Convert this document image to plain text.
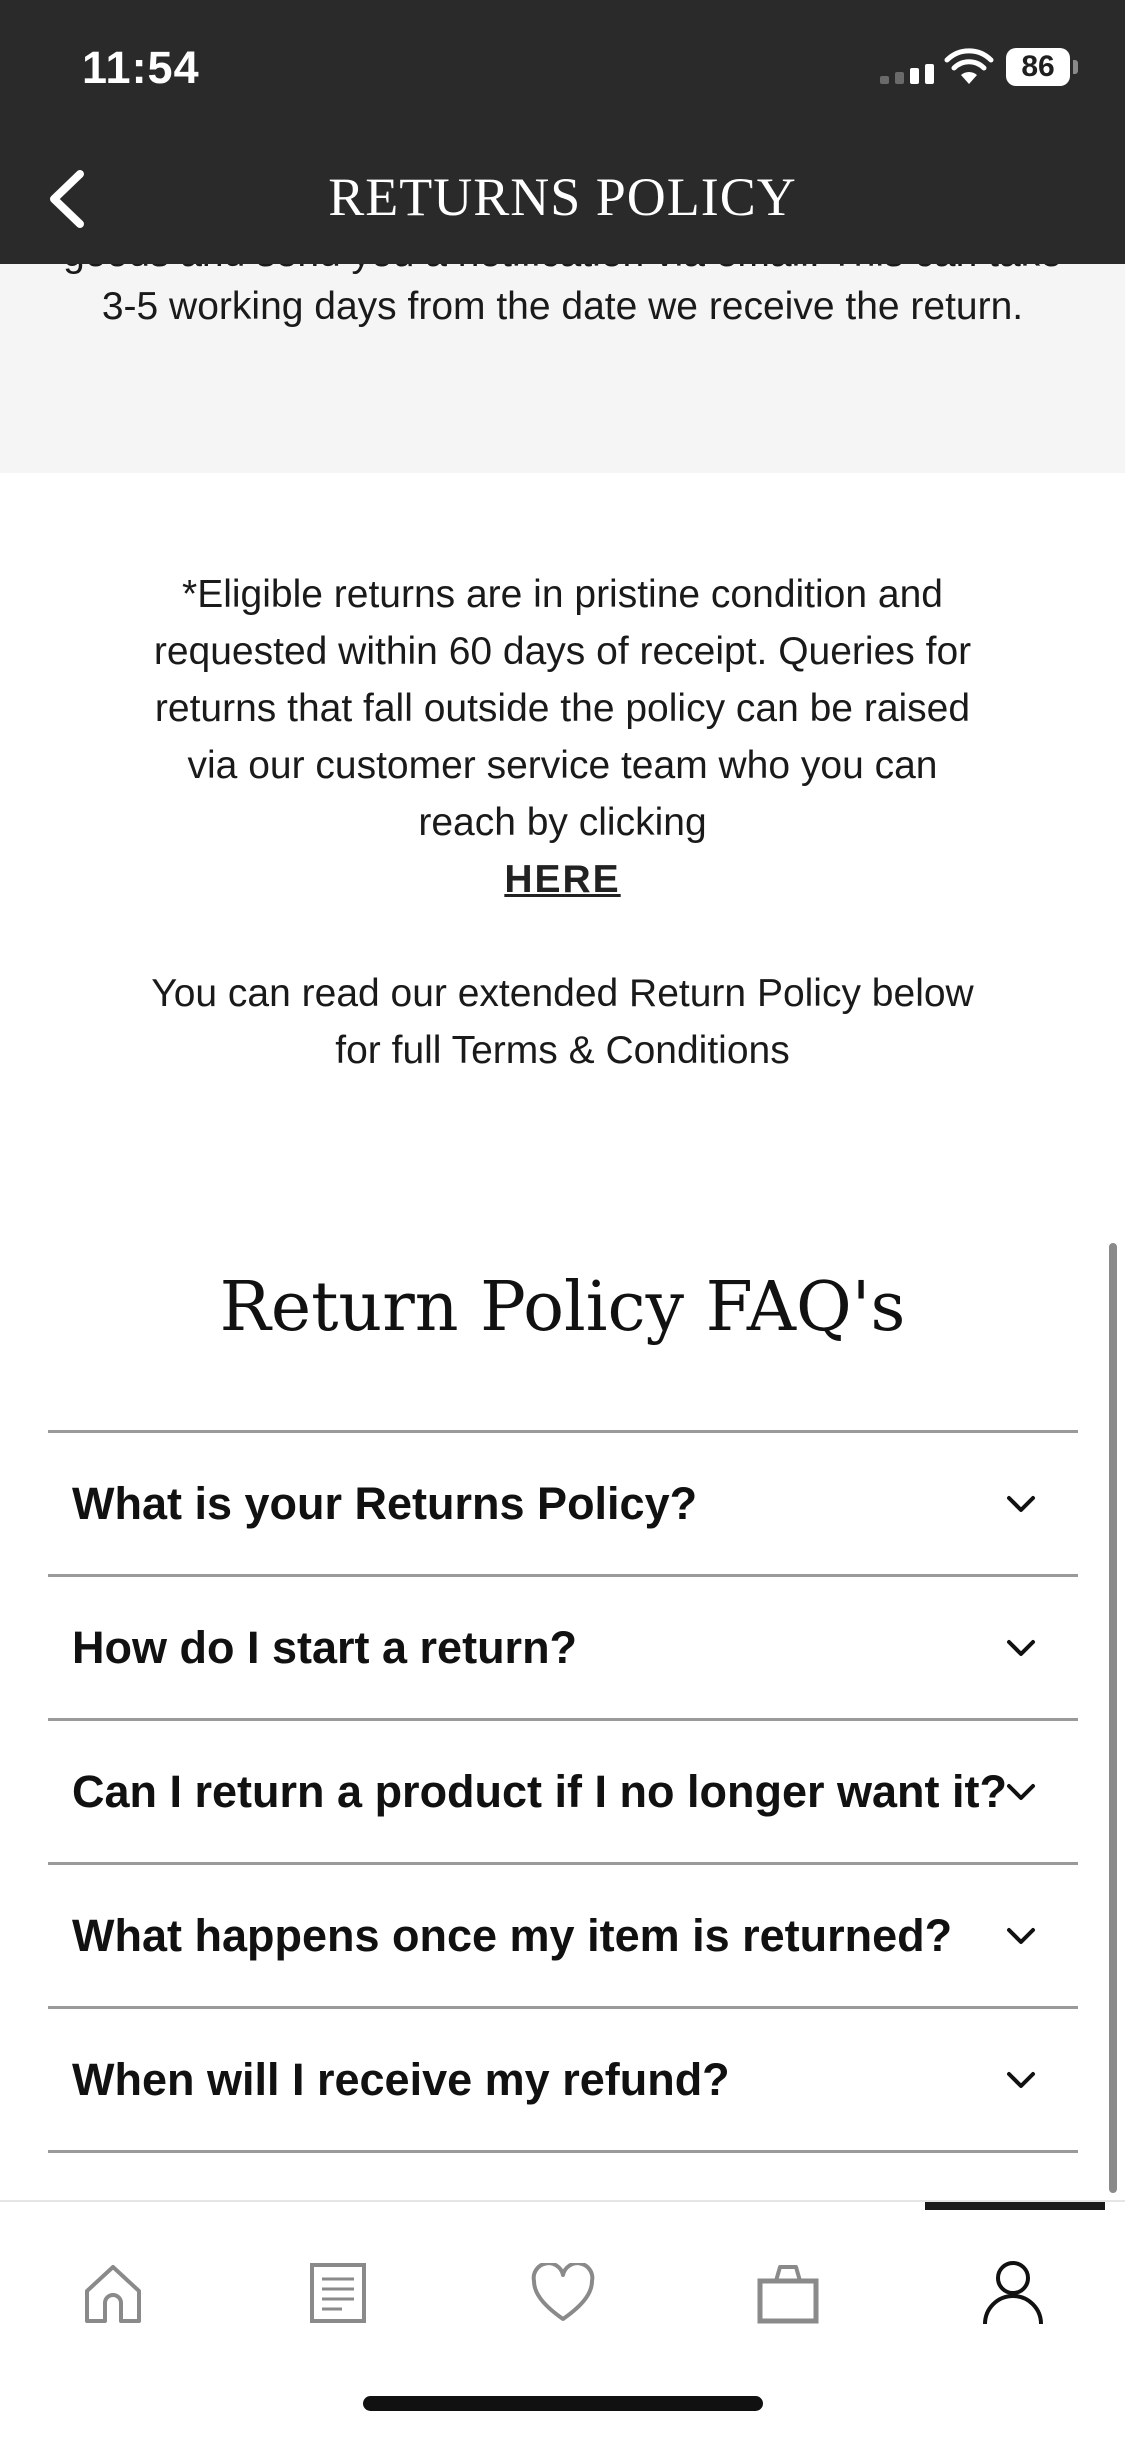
3-5 working days from the date we receive the return.
*Eligible returns are in pristine condition and requested within 60 days of receipt. Queries for returns that fall outside the policy can be raised via our customer service team who you can reach by clicking
HERE
You can read our extended Return Policy below for full Terms & Conditions
Return Policy FAQ's
What is your Returns Policy?
How do I start a return?
Can I return a product if I no longer want it?
What happens once my item is returned?
When will I receive my refund?
11:54	86
RETURNS POLICY
